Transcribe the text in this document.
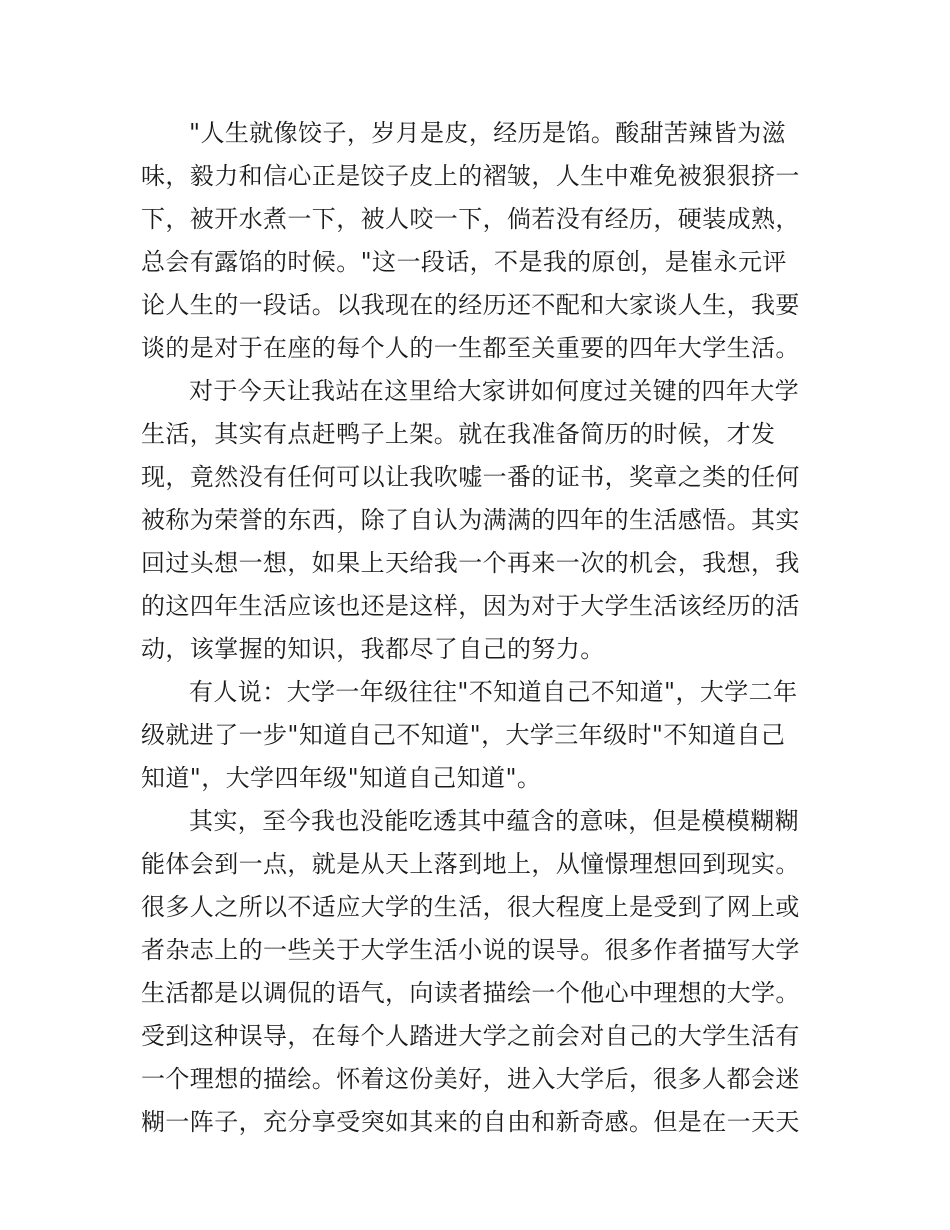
"人生就像饺子，岁月是皮，经历是馅。酸甜苦辣皆为滋
味，毅力和信心正是饺子皮上的褶皱，人生中难免被狠狠挤一
下，被开水煮一下，被人咬一下，倘若没有经历，硬装成熟，
总会有露馅的时候。"这一段话，不是我的原创，是崔永元评
论人生的一段话。以我现在的经历还不配和大家谈人生，我要
谈的是对于在座的每个人的一生都至关重要的四年大学生活。
对于今天让我站在这里给大家讲如何度过关键的四年大学
生活，其实有点赶鸭子上架。就在我准备简历的时候，才发
现，竟然没有任何可以让我吹嘘一番的证书，奖章之类的任何
被称为荣誉的东西，除了自认为满满的四年的生活感悟。其实
回过头想一想，如果上天给我一个再来一次的机会，我想，我
的这四年生活应该也还是这样，因为对于大学生活该经历的活
动，该掌握的知识，我都尽了自己的努力。
有人说：大学一年级往往"不知道自己不知道"，大学二年
级就进了一步"知道自己不知道"，大学三年级时"不知道自己
知道"，大学四年级"知道自己知道"。
其实，至今我也没能吃透其中蕴含的意味，但是模模糊糊
能体会到一点，就是从天上落到地上，从憧憬理想回到现实。
很多人之所以不适应大学的生活，很大程度上是受到了网上或
者杂志上的一些关于大学生活小说的误导。很多作者描写大学
生活都是以调侃的语气，向读者描绘一个他心中理想的大学。
受到这种误导，在每个人踏进大学之前会对自己的大学生活有
一个理想的描绘。怀着这份美好，进入大学后，很多人都会迷
糊一阵子，充分享受突如其来的自由和新奇感。但是在一天天
